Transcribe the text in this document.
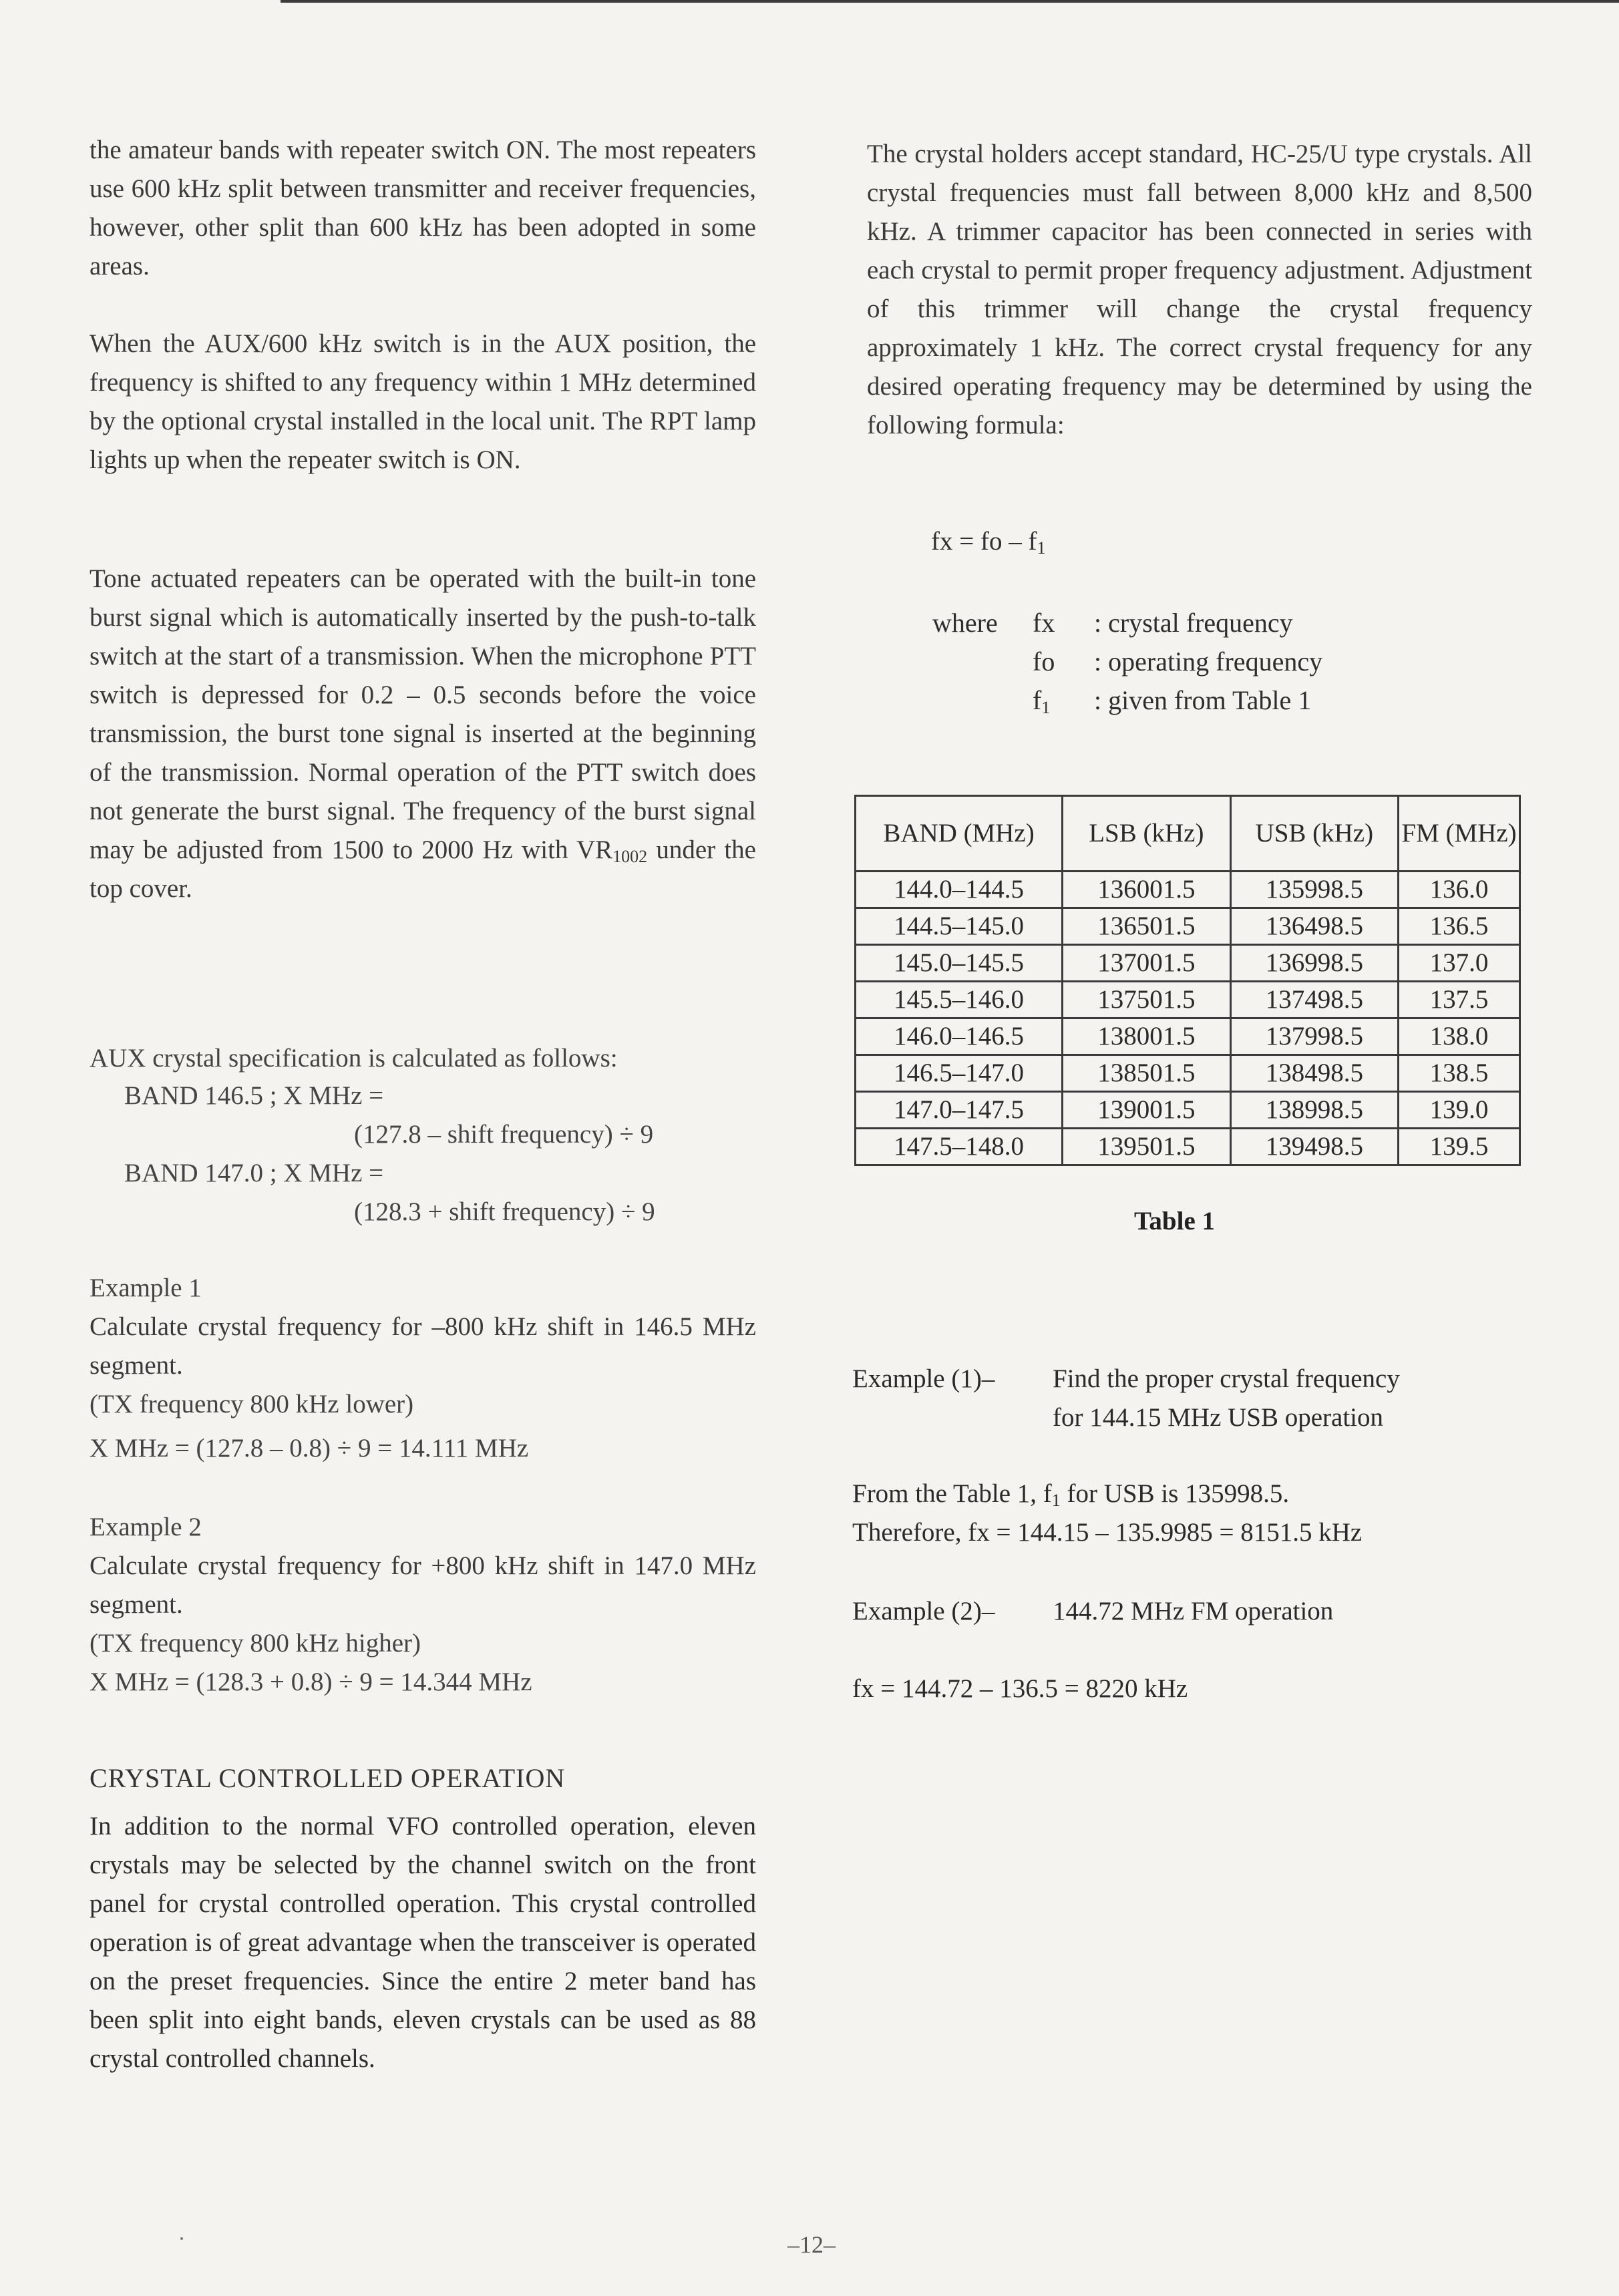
the amateur bands with repeater switch ON. The most repeaters use 600 kHz split between transmitter and receiver frequencies, however, other split than 600 kHz has been adopted in some areas.

When the AUX/600 kHz switch is in the AUX position, the frequency is shifted to any frequency within 1 MHz determined by the optional crystal installed in the local unit. The RPT lamp lights up when the repeater switch is ON.

Tone actuated repeaters can be operated with the built-in tone burst signal which is automatically inserted by the push-to-talk switch at the start of a transmission. When the microphone PTT switch is depressed for 0.2 – 0.5 seconds before the voice transmission, the burst tone signal is inserted at the beginning of the transmission. Normal operation of the PTT switch does not generate the burst signal. The frequency of the burst signal may be adjusted from 1500 to 2000 Hz with $VR_{1002}$ under the top cover.

AUX crystal specification is calculated as follows:

BAND 146.5 ; X MHz =

(127.8 – shift frequency) ÷ 9

BAND 147.0 ; X MHz =

(128.3 + shift frequency) ÷ 9

Example 1

Calculate crystal frequency for –800 kHz shift in 146.5 MHz segment.

(TX frequency 800 kHz lower)

X MHz = (127.8 – 0.8) ÷ 9 = 14.111 MHz

Example 2

Calculate crystal frequency for +800 kHz shift in 147.0 MHz segment.

(TX frequency 800 kHz higher)

X MHz = (128.3 + 0.8) ÷ 9 = 14.344 MHz

CRYSTAL CONTROLLED OPERATION

In addition to the normal VFO controlled operation, eleven crystals may be selected by the channel switch on the front panel for crystal controlled operation. This crystal controlled operation is of great advantage when the transceiver is operated on the preset frequencies. Since the entire 2 meter band has been split into eight bands, eleven crystals can be used as 88 crystal controlled channels.

The crystal holders accept standard, HC-25/U type crystals. All crystal frequencies must fall between 8,000 kHz and 8,500 kHz. A trimmer capacitor has been connected in series with each crystal to permit proper frequency adjustment. Adjustment of this trimmer will change the crystal frequency approximately 1 kHz. The correct crystal frequency for any desired operating frequency may be determined by using the following formula:

fx = fo – $f_1$

where fx : crystal frequency
fo : operating frequency
$f_1$ : given from Table 1
BAND (MHz)	LSB (kHz)	USB (kHz)	FM (MHz)
144.0–144.5	136001.5	135998.5	136.0
144.5–145.0	136501.5	136498.5	136.5
145.0–145.5	137001.5	136998.5	137.0
145.5–146.0	137501.5	137498.5	137.5
146.0–146.5	138001.5	137998.5	138.0
146.5–147.0	138501.5	138498.5	138.5
147.0–147.5	139001.5	138998.5	139.0
147.5–148.0	139501.5	139498.5	139.5

Table 1

Example (1)– Find the proper crystal frequency

for 144.15 MHz USB operation

From the Table 1, $f_1$ for USB is 135998.5.

Therefore, fx = 144.15 – 135.9985 = 8151.5 kHz

Example (2)– 144.72 MHz FM operation

fx = 144.72 – 136.5 = 8220 kHz

–12–
